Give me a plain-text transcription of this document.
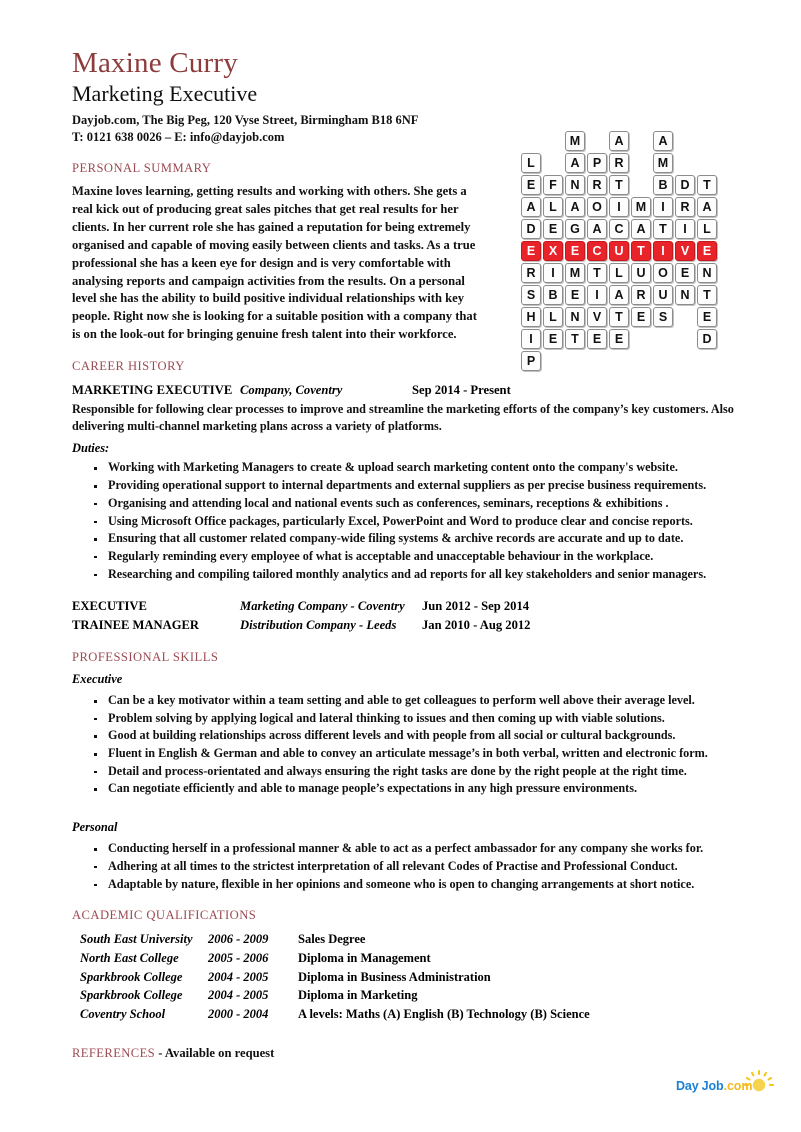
Maxine Curry
Marketing Executive
Dayjob.com, The Big Peg, 120 Vyse Street, Birmingham B18 6NF
T: 0121 638 0026 – E: info@dayjob.com
PERSONAL SUMMARY
Maxine loves learning, getting results and working with others. She gets a real kick out of producing great sales pitches that get real results for her clients. In her current role she has gained a reputation for being extremely organised and capable of moving easily between clients and tasks. As a true professional she has a keen eye for design and is very comfortable with analysing reports and campaign activities from the results. On a personal level she has the ability to build positive individual relationships with key people. Right now she is looking for a suitable position with a company that is on the look-out for bringing genuine fresh talent into their workforce.
CAREER HISTORY
MARKETING EXECUTIVE Company, Coventry	Sep 2014 - Present

Responsible for following clear processes to improve and streamline the marketing efforts of the company’s key customers. Also delivering multi-channel marketing plans across a variety of platforms.

Duties:
Working with Marketing Managers to create & upload search marketing content onto the company's website.
Providing operational support to internal departments and external suppliers as per precise business requirements.
Organising and attending local and national events such as conferences, seminars, receptions & exhibitions .
Using Microsoft Office packages, particularly Excel, PowerPoint and Word to produce clear and concise reports.
Ensuring that all customer related company-wide filing systems & archive records are accurate and up to date.
Regularly reminding every employee of what is acceptable and unacceptable behaviour in the workplace.
Researching and compiling tailored monthly analytics and ad reports for all key stakeholders and senior managers.
EXECUTIVE	Marketing Company - Coventry	Jun 2012 - Sep 2014
TRAINEE MANAGER	Distribution Company - Leeds	Jan 2010 - Aug 2012
PROFESSIONAL SKILLS
Executive
Can be a key motivator within a team setting and able to get colleagues to perform well above their average level.
Problem solving by applying logical and lateral thinking to issues and then coming up with viable solutions.
Good at building relationships across different levels and with people from all social or cultural backgrounds.
Fluent in English & German and able to convey an articulate message’s in both verbal, written and electronic form.
Detail and process-orientated and always ensuring the right tasks are done by the right people at the right time.
Can negotiate efficiently and able to manage people’s expectations in any high pressure environments.
Personal
Conducting herself in a professional manner & able to act as a perfect ambassador for any company she works for.
Adhering at all times to the strictest interpretation of all relevant Codes of Practise and Professional Conduct.
Adaptable by nature, flexible in her opinions and someone who is open to changing arrangements at short notice.
ACADEMIC QUALIFICATIONS
South East University	2006 - 2009	Sales Degree
North East College	2005 - 2006	Diploma in Management
Sparkbrook College	2004 - 2005	Diploma in Business Administration
Sparkbrook College	2004 - 2005	Diploma in Marketing
Coventry School	2000 - 2004	A levels: Maths (A) English (B) Technology (B) Science
REFERENCES - Available on request
L
E
A
D
E
R
S
H
I
P
F
L
E
X
I
B
L
E
M
A
N
A
G
E
M
E
N
T
P
R
O
A
C
T
I
V
E
A
R
T
I
C
U
L
A
T
E
M
A
T
U
R
E
A
M
B
I
T
I
O
U
S
D
R
I
V
E
N
T
A
L
E
N
T
E
D
Day Job.com
